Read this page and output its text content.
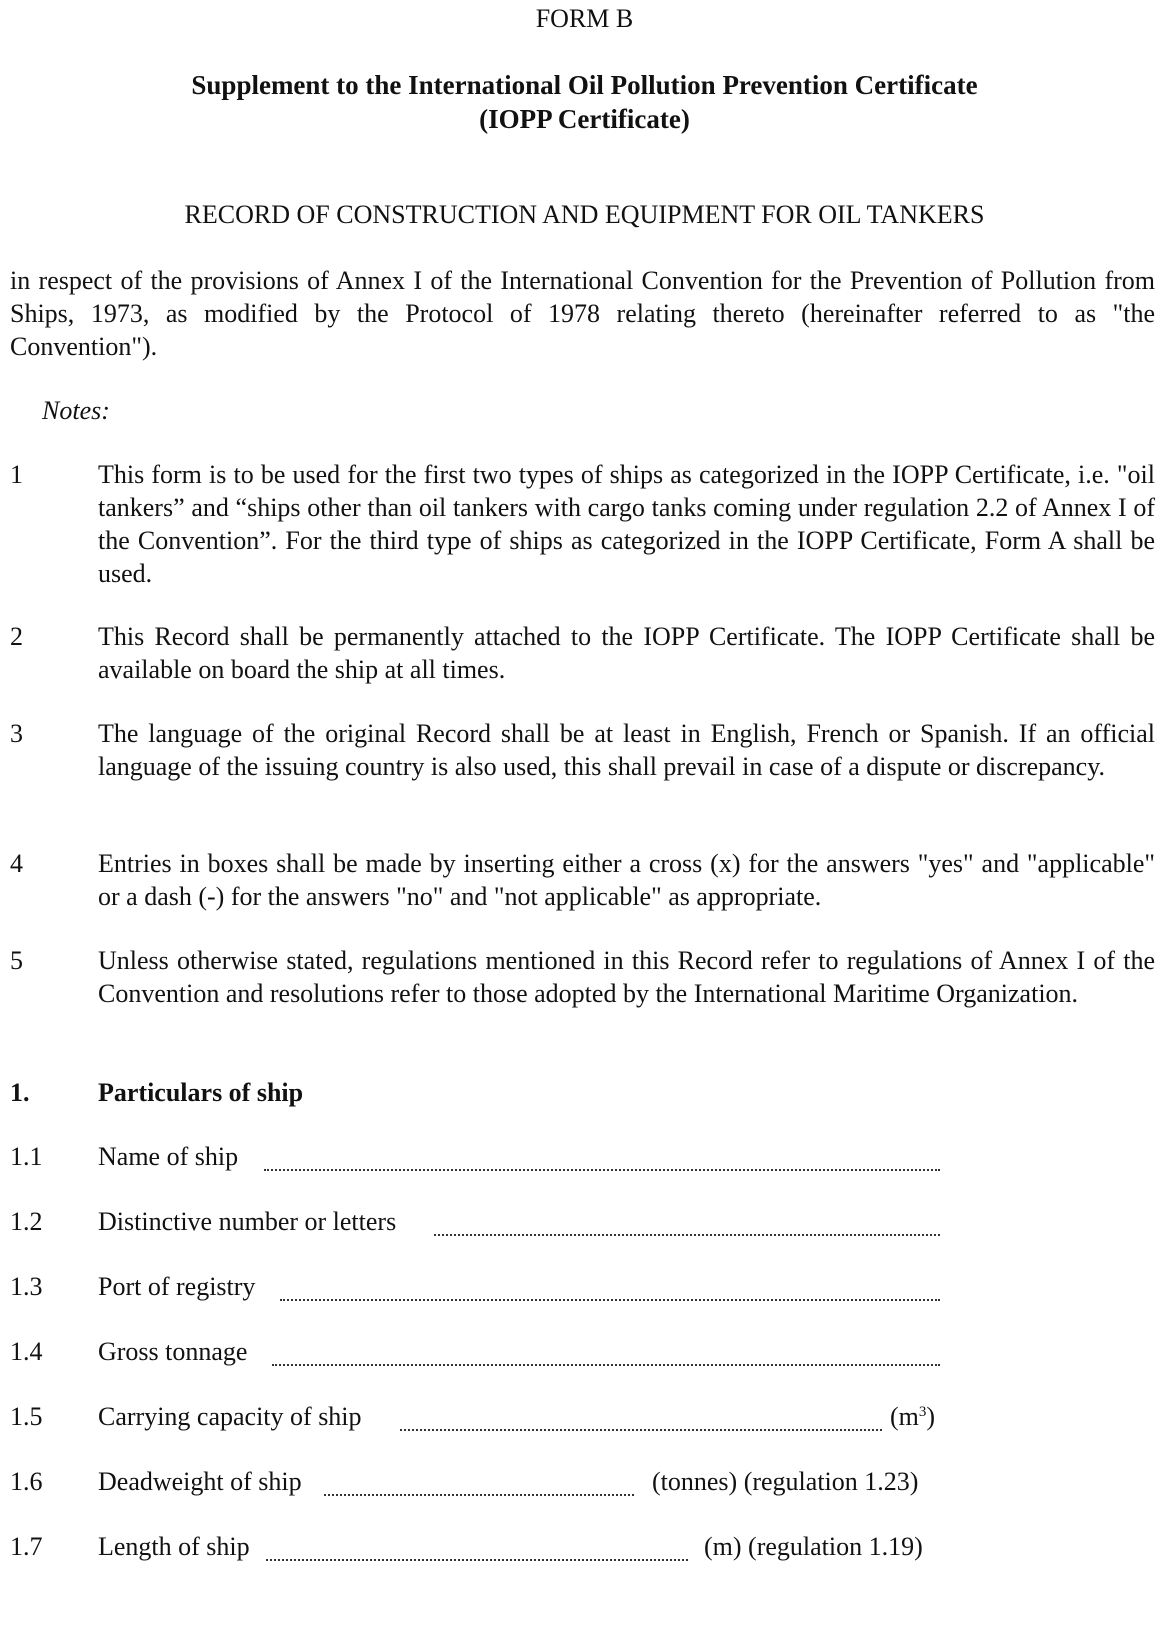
FORM B
Supplement to the International Oil Pollution Prevention Certificate
(IOPP Certificate)
RECORD OF CONSTRUCTION AND EQUIPMENT FOR OIL TANKERS
in respect of the provisions of Annex I of the International Convention for the Prevention of Pollution from Ships, 1973, as modified by the Protocol of 1978 relating thereto (hereinafter referred to as "the Convention").
Notes:
1	This form is to be used for the first two types of ships as categorized in the IOPP Certificate, i.e. "oil tankers” and “ships other than oil tankers with cargo tanks coming under regulation 2.2 of Annex I of the Convention”. For the third type of ships as categorized in the IOPP Certificate, Form A shall be used.
2	This Record shall be permanently attached to the IOPP Certificate. The IOPP Certificate shall be available on board the ship at all times.
3	The language of the original Record shall be at least in English, French or Spanish. If an official language of the issuing country is also used, this shall prevail in case of a dispute or discrepancy.
4	Entries in boxes shall be made by inserting either a cross (x) for the answers "yes" and "applicable" or a dash (-) for the answers "no" and "not applicable" as appropriate.
5	Unless otherwise stated, regulations mentioned in this Record refer to regulations of Annex I of the Convention and resolutions refer to those adopted by the International Maritime Organization.
1.	Particulars of ship
1.1 Name of ship
1.2 Distinctive number or letters
1.3 Port of registry
1.4 Gross tonnage
1.5 Carrying capacity of ship	$(m^3)$
1.6 Deadweight of ship	(tonnes) (regulation 1.23)
1.7 Length of ship	(m) (regulation 1.19)
